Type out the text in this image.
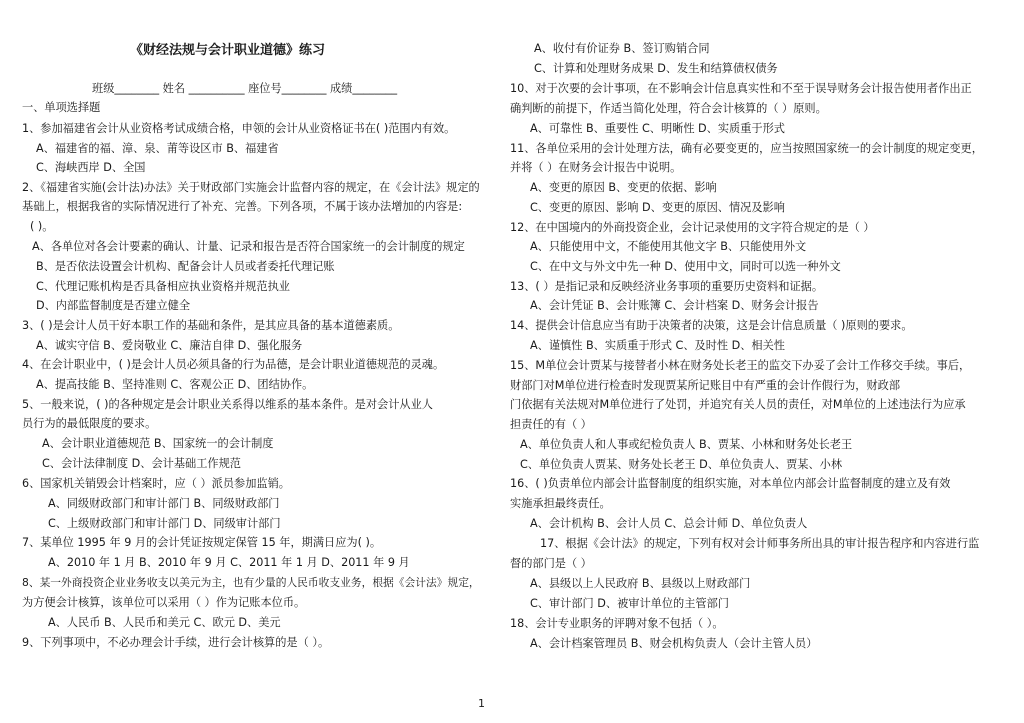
《财经法规与会计职业道德》练习
班级________ 姓名 __________ 座位号________ 成绩________
一、单项选择题
1、参加福建省会计从业资格考试成绩合格，申领的会计从业资格证书在( )范围内有效。
A、福建省的福、漳、泉、莆等设区市 B、福建省
C、海峡西岸 D、全国
2、《福建省实施(会计法)办法》关于财政部门实施会计监督内容的规定，在《会计法》规定的
基础上，根据我省的实际情况进行了补充、完善。下列各项，不属于该办法增加的内容是:
( )。
A、各单位对各会计要素的确认、计量、记录和报告是否符合国家统一的会计制度的规定
B、是否依法设置会计机构、配备会计人员或者委托代理记账
C、代理记账机构是否具备相应执业资格并规范执业
D、内部监督制度是否建立健全
3、( )是会计人员干好本职工作的基础和条件，是其应具备的基本道德素质。
A、诚实守信 B、爱岗敬业 C、廉洁自律 D、强化服务
4、在会计职业中，( )是会计人员必须具备的行为品德，是会计职业道德规范的灵魂。
A、提高技能 B、坚持准则 C、客观公正 D、团结协作。
5、一般来说，( )的各种规定是会计职业关系得以维系的基本条件。是对会计从业人
员行为的最低限度的要求。
A、会计职业道德规范 B、国家统一的会计制度
C、会计法律制度 D、会计基础工作规范
6、国家机关销毁会计档案时，应（ ）派员参加监销。
A、同级财政部门和审计部门 B、同级财政部门
C、上级财政部门和审计部门 D、同级审计部门
7、某单位 1995 年 9 月的会计凭证按规定保管 15 年，期满日应为( )。
A、2010 年 1 月 B、2010 年 9 月 C、2011 年 1 月 D、2011 年 9 月
8、某一外商投资企业业务收支以美元为主，也有少量的人民币收支业务，根据《会计法》规定，
为方便会计核算，该单位可以采用（ ）作为记账本位币。
A、人民币 B、人民币和美元 C、欧元 D、美元
9、下列事项中，不必办理会计手续，进行会计核算的是（ ）。
A、收付有价证券 B、签订购销合同
C、计算和处理财务成果 D、发生和结算债权债务
10、对于次要的会计事项，在不影响会计信息真实性和不至于误导财务会计报告使用者作出正
确判断的前提下，作适当简化处理，符合会计核算的（ ）原则。
A、可靠性 B、重要性 C、明晰性 D、实质重于形式
11、各单位采用的会计处理方法，确有必要变更的，应当按照国家统一的会计制度的规定变更，
并将（ ）在财务会计报告中说明。
A、变更的原因 B、变更的依据、影响
C、变更的原因、影响 D、变更的原因、情况及影响
12、在中国境内的外商投资企业，会计记录使用的文字符合规定的是（ ）
A、只能使用中文，不能使用其他文字 B、只能使用外文
C、在中文与外文中先一种 D、使用中文，同时可以选一种外文
13、( ）是指记录和反映经济业务事项的重要历史资料和证据。
A、会计凭证 B、会计账簿 C、会计档案 D、财务会计报告
14、提供会计信息应当有助于决策者的决策，这是会计信息质量（ )原则的要求。
A、谨慎性 B、实质重于形式 C、及时性 D、相关性
15、M单位会计贾某与接替者小林在财务处长老王的监交下办妥了会计工作移交手续。事后，
财部门对M单位进行检查时发现贾某所记账目中有严重的会计作假行为，财政部
门依据有关法规对M单位进行了处罚，并追究有关人员的责任，对M单位的上述违法行为应承
担责任的有（ ）
A、单位负责人和人事或纪检负责人 B、贾某、小林和财务处长老王
C、单位负责人贾某、财务处长老王 D、单位负责人、贾某、小林
16、( )负责单位内部会计监督制度的组织实施，对本单位内部会计监督制度的建立及有效
实施承担最终责任。
A、会计机构 B、会计人员 C、总会计师 D、单位负责人
17、根据《会计法》的规定，下列有权对会计师事务所出具的审计报告程序和内容进行监
督的部门是（ ）
A、县级以上人民政府 B、县级以上财政部门
C、审计部门 D、被审计单位的主管部门
18、会计专业职务的评聘对象不包括（ ）。
A、会计档案管理员 B、财会机构负责人（会计主管人员）
1
